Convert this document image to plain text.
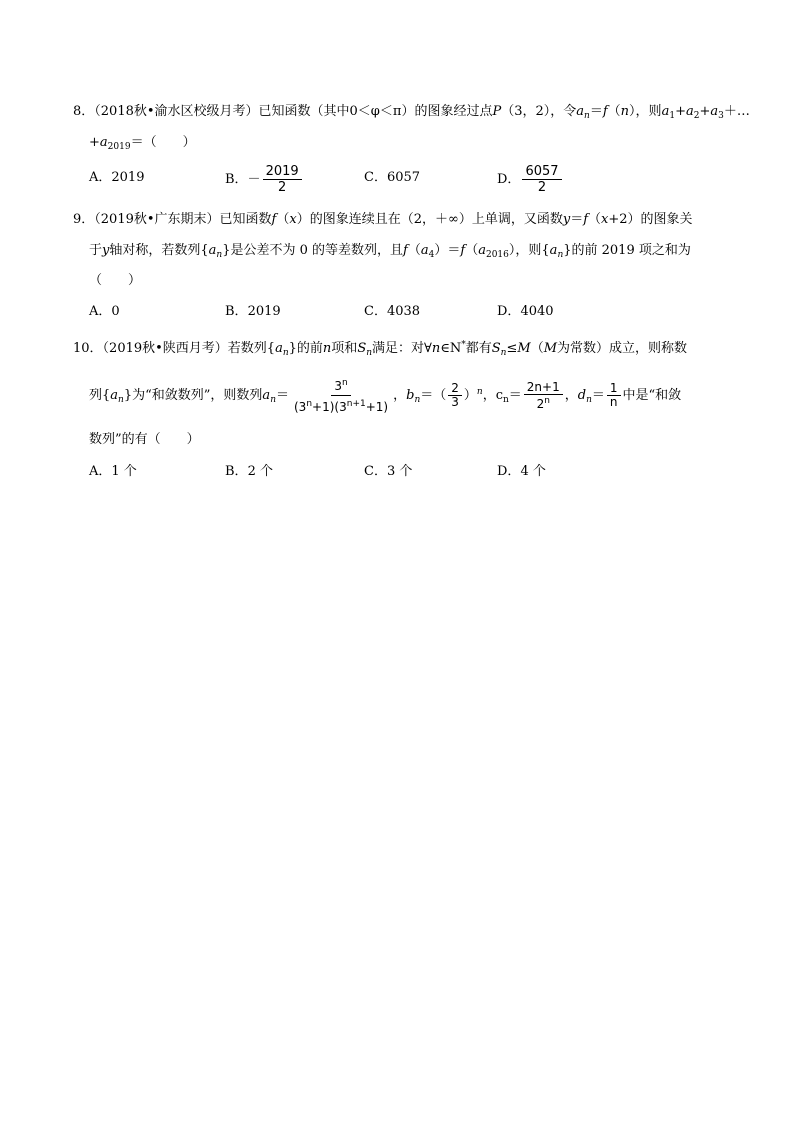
8．（2018秋•渝水区校级月考）已知函数（其中0＜φ＜π）的图象经过点P（3，2），令$a_n=f(n)$，则$a_1+a_2+a_3+\dots$
$+a_{2019}=$（　　）
A． 2019	B．－ $\frac{2019}{2}$	C． 6057	D． $\frac{6057}{2}$
9．（2019秋•广东期末）已知函数f（x）的图象连续且在（2，＋∞）上单调，又函数y＝f（x+2）的图象关
于y轴对称，若数列$\{a_n\}$是公差不为 0 的等差数列，且$f(a_4)=f(a_{2016})$，则$\{a_n\}$的前 2019 项之和为
（　　）
A． 0	B． 2019	C． 4038	D． 4040
10．（2019秋•陕西月考）若数列$\{a_n\}$的前n项和$S_n$满足：对∀n∈N*都有$S_n\le M(M$为常数）成立，则称数
列$\{a_n\}$为“和敛数列”，则数列$a_n= \frac{3^n}{(3^n+1)(3^{n+1}+1)}$ ，$b_n=( \frac{2}{3} )^n$，$c_n= \frac{2n+1}{2^n}$ ，$d_n= \frac{1}{n}$ 中是“和敛
数列”的有（　　）
A． 1 个	B． 2 个	C． 3 个	D． 4 个
